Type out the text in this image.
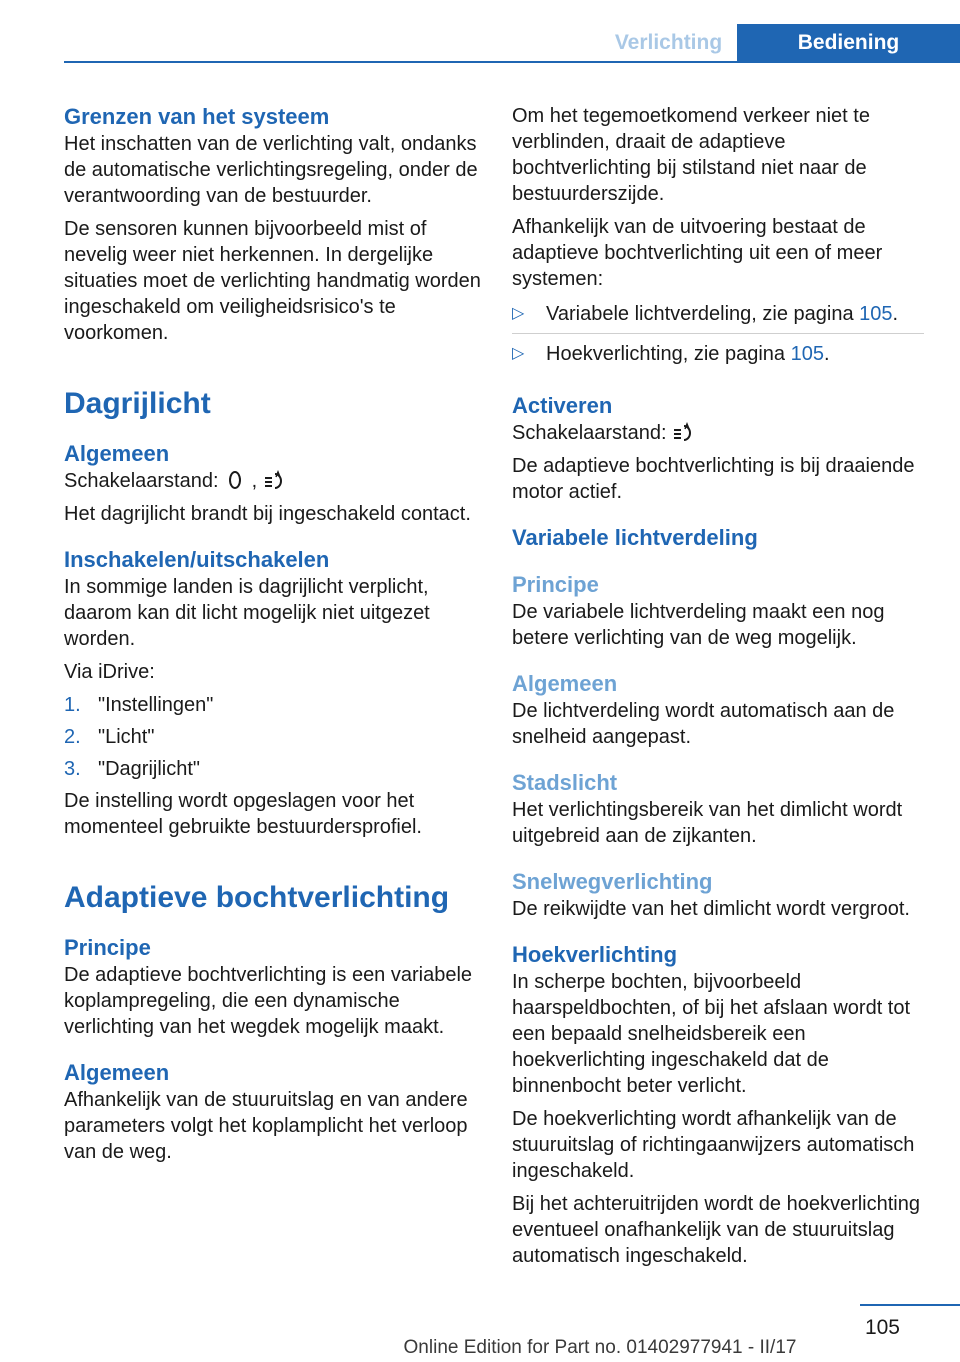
Verlichting	Bediening
Grenzen van het systeem

Het inschatten van de verlichting valt, ondanks de automatische verlichtingsregeling, onder de verantwoording van de bestuurder.

De sensoren kunnen bijvoorbeeld mist of nevelig weer niet herkennen. In dergelijke situaties moet de verlichting handmatig worden ingeschakeld om veiligheidsrisico's te voorkomen.

Dagrijlicht
Algemeen

Schakelaarstand: ,

Het dagrijlicht brandt bij ingeschakeld contact.

Inschakelen/uitschakelen

In sommige landen is dagrijlicht verplicht, daarom kan dit licht mogelijk niet uitgezet worden.

Via iDrive:

1. "Instellingen"
2. "Licht"
3. "Dagrijlicht"

De instelling wordt opgeslagen voor het momenteel gebruikte bestuurdersprofiel.

Adaptieve bochtverlichting
Principe

De adaptieve bochtverlichting is een variabele koplampregeling, die een dynamische verlichting van het wegdek mogelijk maakt.

Algemeen

Afhankelijk van de stuuruitslag en van andere parameters volgt het koplamplicht het verloop van de weg.

Om het tegemoetkomend verkeer niet te verblinden, draait de adaptieve bochtverlichting bij stilstand niet naar de bestuurderszijde.

Afhankelijk van de uitvoering bestaat de adaptieve bochtverlichting uit een of meer systemen:

▷	Variabele lichtverdeling, zie pagina 105.
▷	Hoekverlichting, zie pagina 105.
Activeren

Schakelaarstand:

De adaptieve bochtverlichting is bij draaiende motor actief.

Variabele lichtverdeling
Principe

De variabele lichtverdeling maakt een nog betere verlichting van de weg mogelijk.

Algemeen

De lichtverdeling wordt automatisch aan de snelheid aangepast.

Stadslicht

Het verlichtingsbereik van het dimlicht wordt uitgebreid aan de zijkanten.

Snelwegverlichting

De reikwijdte van het dimlicht wordt vergroot.

Hoekverlichting

In scherpe bochten, bijvoorbeeld haarspeldbochten, of bij het afslaan wordt tot een bepaald snelheidsbereik een hoekverlichting ingeschakeld dat de binnenbocht beter verlicht.

De hoekverlichting wordt afhankelijk van de stuuruitslag of richtingaanwijzers automatisch ingeschakeld.

Bij het achteruitrijden wordt de hoekverlichting eventueel onafhankelijk van de stuuruitslag automatisch ingeschakeld.

105
Online Edition for Part no. 01402977941 - II/17
